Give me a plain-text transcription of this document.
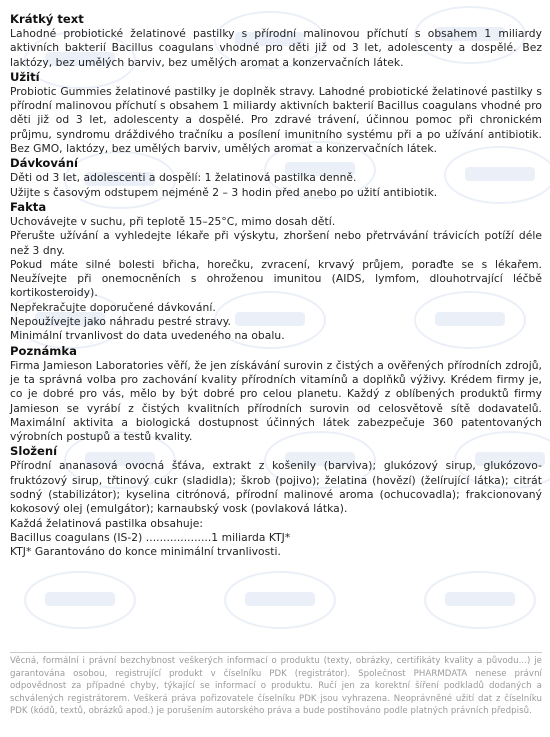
Krátký text

Lahodné probiotické želatinové pastilky s přírodní malinovou příchutí s obsahem 1 miliardy aktivních bakterií Bacillus coagulans vhodné pro děti již od 3 let, adolescenty a dospělé. Bez laktózy, bez umělých barviv, bez umělých aromat a konzervačních látek.

Užití

Probiotic Gummies želatinové pastilky je doplněk stravy. Lahodné probiotické želatinové pastilky s přírodní malinovou příchutí s obsahem 1 miliardy aktivních bakterií Bacillus coagulans vhodné pro děti již od 3 let, adolescenty a dospělé. Pro zdravé trávení, účinnou pomoc při chronickém průjmu, syndromu dráždivého tračníku a posílení imunitního systému při a po užívání antibiotik. Bez GMO, laktózy, bez umělých barviv, umělých aromat a konzervačních látek.

Dávkování

Děti od 3 let, adolescenti a dospělí: 1 želatinová pastilka denně.

Užijte s časovým odstupem nejméně 2 – 3 hodin před anebo po užití antibiotik.

Fakta

Uchovávejte v suchu, při teplotě 15–25°C, mimo dosah dětí.

Přerušte užívání a vyhledejte lékaře při výskytu, zhoršení nebo přetrvávání trávicích potíží déle než 3 dny.

Pokud máte silné bolesti břicha, horečku, zvracení, krvavý průjem, poraďte se s lékařem. Neužívejte při onemocněních s ohroženou imunitou (AIDS, lymfom, dlouhotrvající léčbě kortikosteroidy).

Nepřekračujte doporučené dávkování.

Nepoužívejte jako náhradu pestré stravy.

Minimální trvanlivost do data uvedeného na obalu.

Poznámka

Firma Jamieson Laboratories věří, že jen získávání surovin z čistých a ověřených přírodních zdrojů, je ta správná volba pro zachování kvality přírodních vitamínů a doplňků výživy. Krédem firmy je, co je dobré pro vás, mělo by být dobré pro celou planetu. Každý z oblíbených produktů firmy Jamieson se vyrábí z čistých kvalitních přírodních surovin od celosvětově sítě dodavatelů. Maximální aktivita a biologická dostupnost účinných látek zabezpečuje 360 patentovaných výrobních postupů a testů kvality.

Složení

Přírodní ananasová ovocná šťáva, extrakt z košenily (barviva); glukózový sirup, glukózovo-fruktózový sirup, třtinový cukr (sladidla); škrob (pojivo); želatina (hovězí) (želírující látka); citrát sodný (stabilizátor); kyselina citrónová, přírodní malinové aroma (ochucovadla); frakcionovaný kokosový olej (emulgátor); karnaubský vosk (povlaková látka).

Každá želatinová pastilka obsahuje:

Bacillus coagulans (IS-2) ...................1 miliarda KTJ*

KTJ* Garantováno do konce minimální trvanlivosti.

Věcná, formální i právní bezchybnost veškerých informací o produktu (texty, obrázky, certifikáty kvality a původu...) je garantována osobou, registrující produkt v číselníku PDK (registrátor). Společnost PHARMDATA nenese právní odpovědnost za případné chyby, týkající se informací o produktu. Ručí jen za korektní šíření podkladů dodaných a schválených registrátorem. Veškerá práva pořizovatele číselníku PDK jsou vyhrazena. Neoprávněné užití dat z číselníku PDK (kódů, textů, obrázků apod.) je porušením autorského práva a bude postihováno podle platných právních předpisů.
